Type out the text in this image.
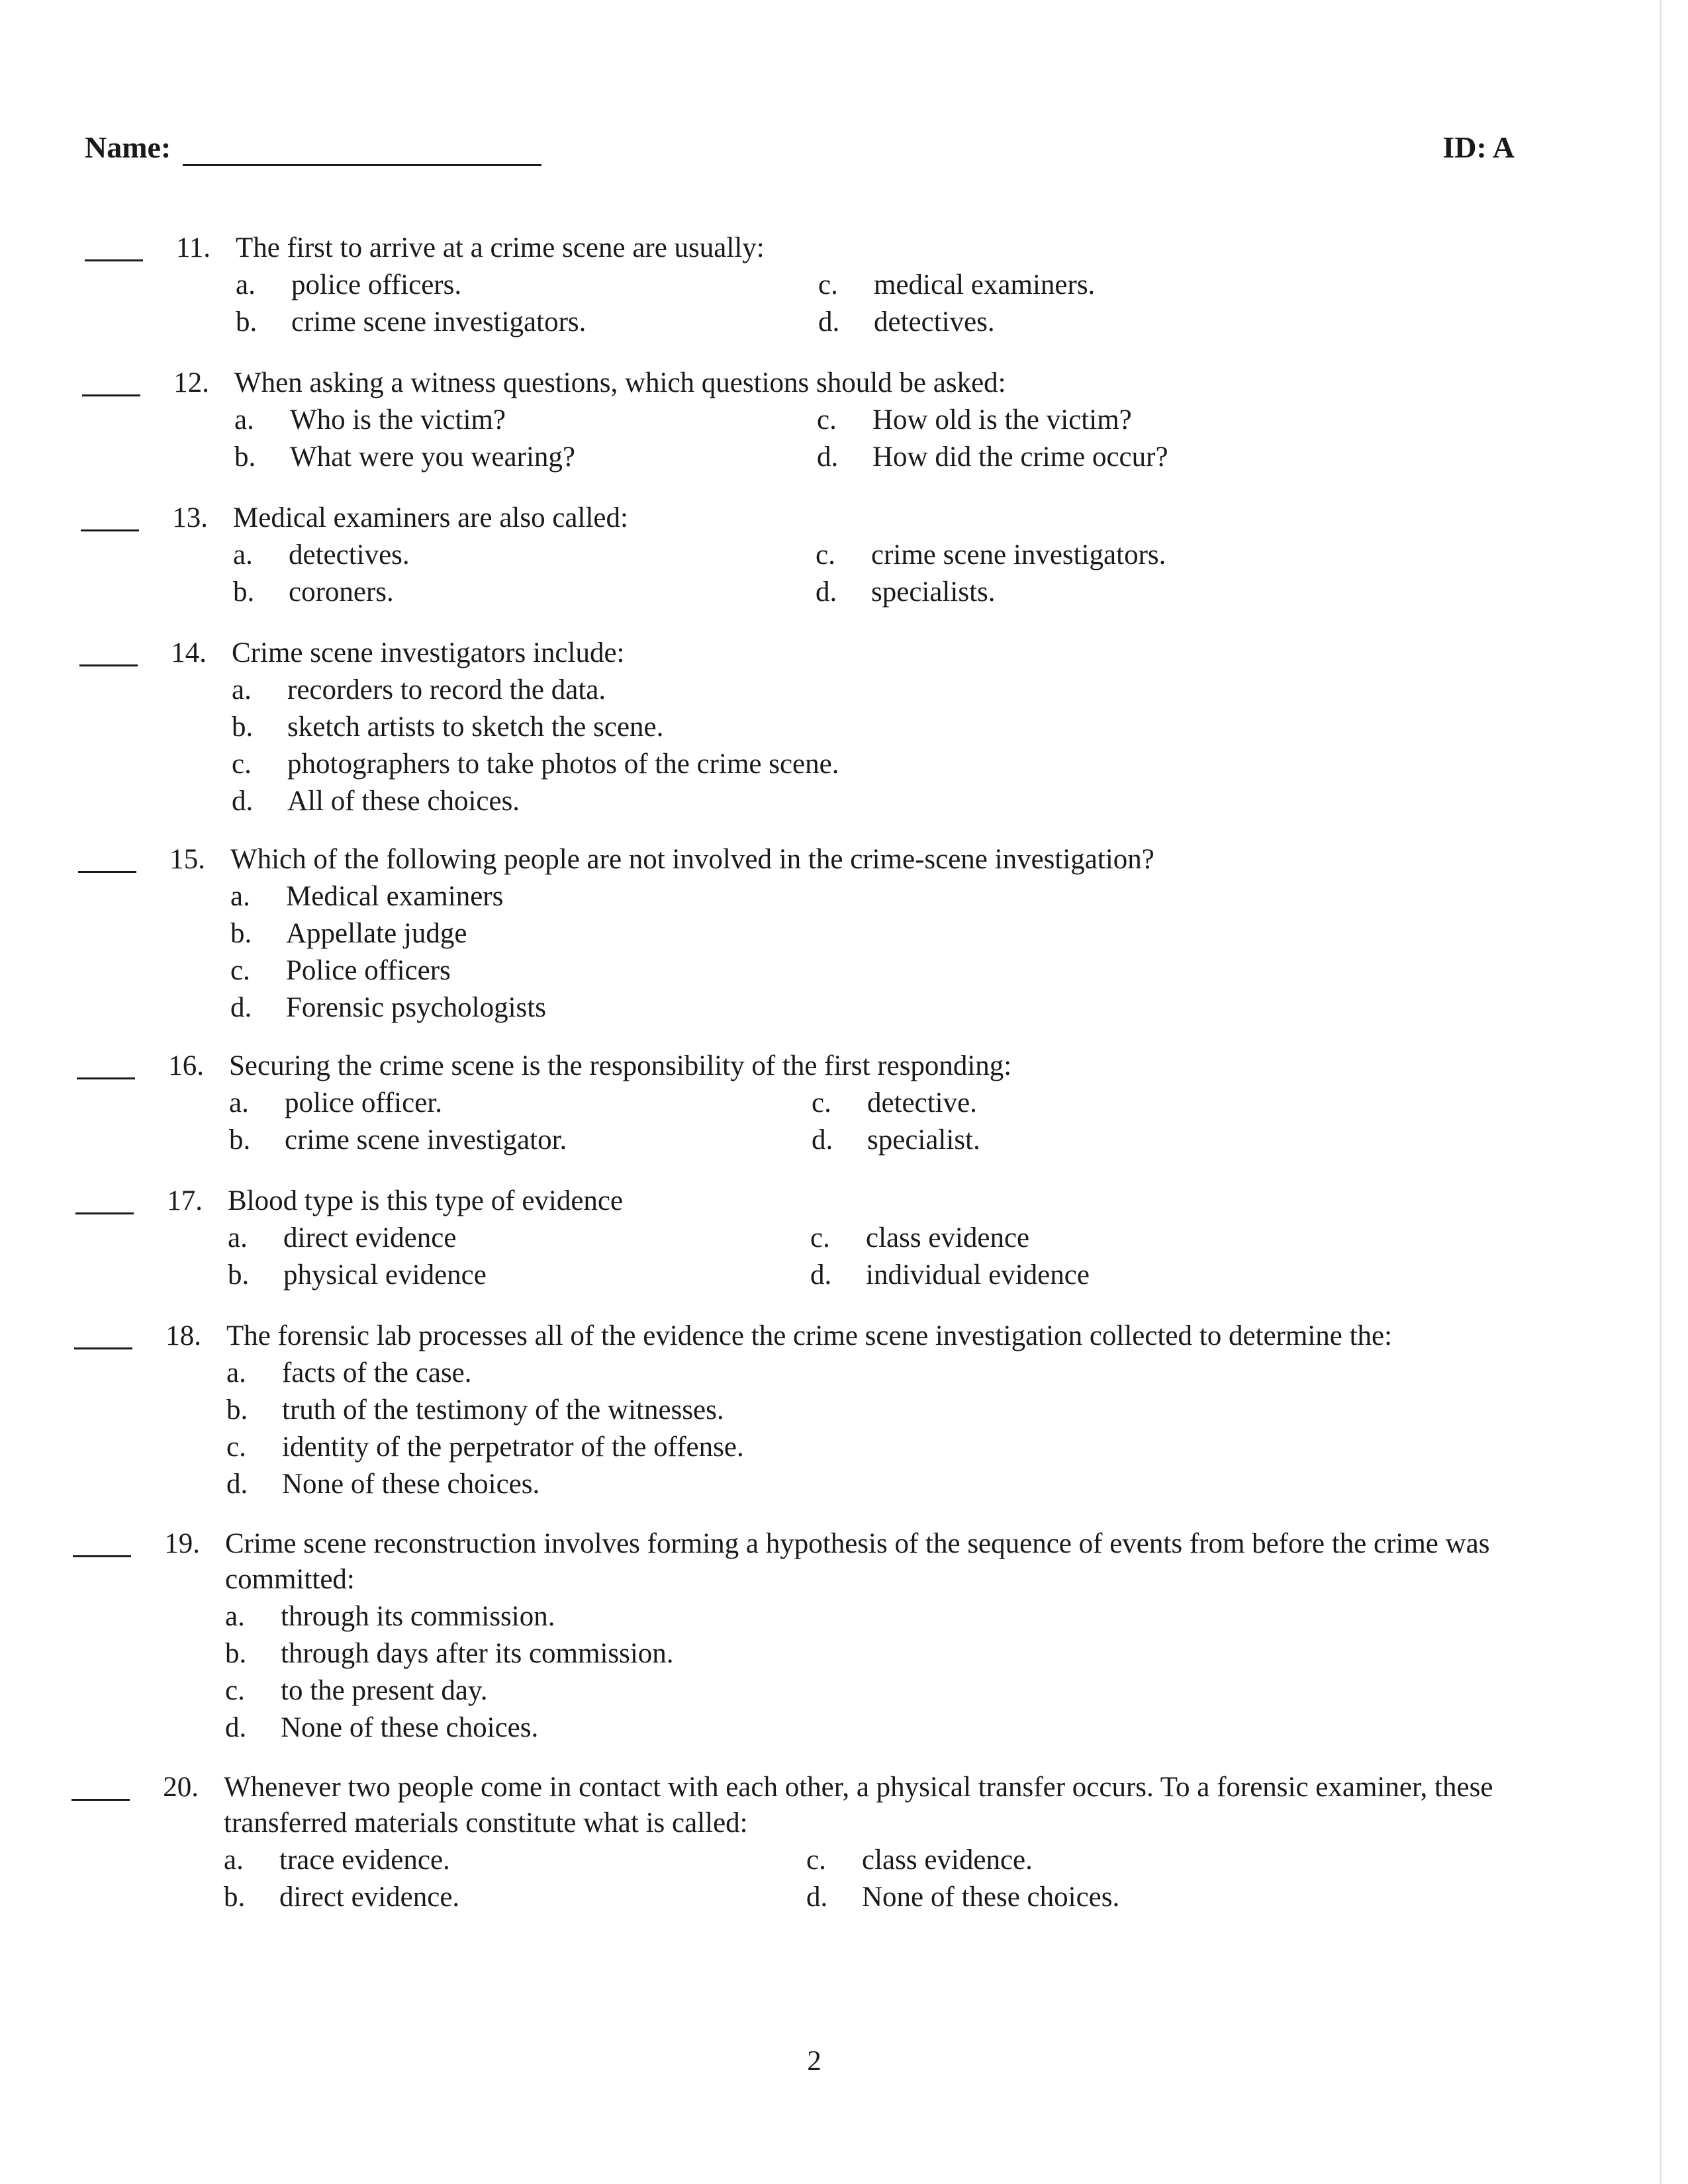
Name:	ID: A
11. The first to arrive at a crime scene are usually:
a. police officers.
b. crime scene investigators.
c. medical examiners.
d. detectives.
12. When asking a witness questions, which questions should be asked:
a. Who is the victim?
b. What were you wearing?
c. How old is the victim?
d. How did the crime occur?
13. Medical examiners are also called:
a. detectives.
b. coroners.
c. crime scene investigators.
d. specialists.
14. Crime scene investigators include:
a. recorders to record the data.
b. sketch artists to sketch the scene.
c. photographers to take photos of the crime scene.
d. All of these choices.
15. Which of the following people are not involved in the crime-scene investigation?
a. Medical examiners
b. Appellate judge
c. Police officers
d. Forensic psychologists
16. Securing the crime scene is the responsibility of the first responding:
a. police officer.
b. crime scene investigator.
c. detective.
d. specialist.
17. Blood type is this type of evidence
a. direct evidence
b. physical evidence
c. class evidence
d. individual evidence
18. The forensic lab processes all of the evidence the crime scene investigation collected to determine the:
a. facts of the case.
b. truth of the testimony of the witnesses.
c. identity of the perpetrator of the offense.
d. None of these choices.
19. Crime scene reconstruction involves forming a hypothesis of the sequence of events from before the crime was committed:
a. through its commission.
b. through days after its commission.
c. to the present day.
d. None of these choices.
20. Whenever two people come in contact with each other, a physical transfer occurs. To a forensic examiner, these transferred materials constitute what is called:
a. trace evidence.
b. direct evidence.
c. class evidence.
d. None of these choices.
2
